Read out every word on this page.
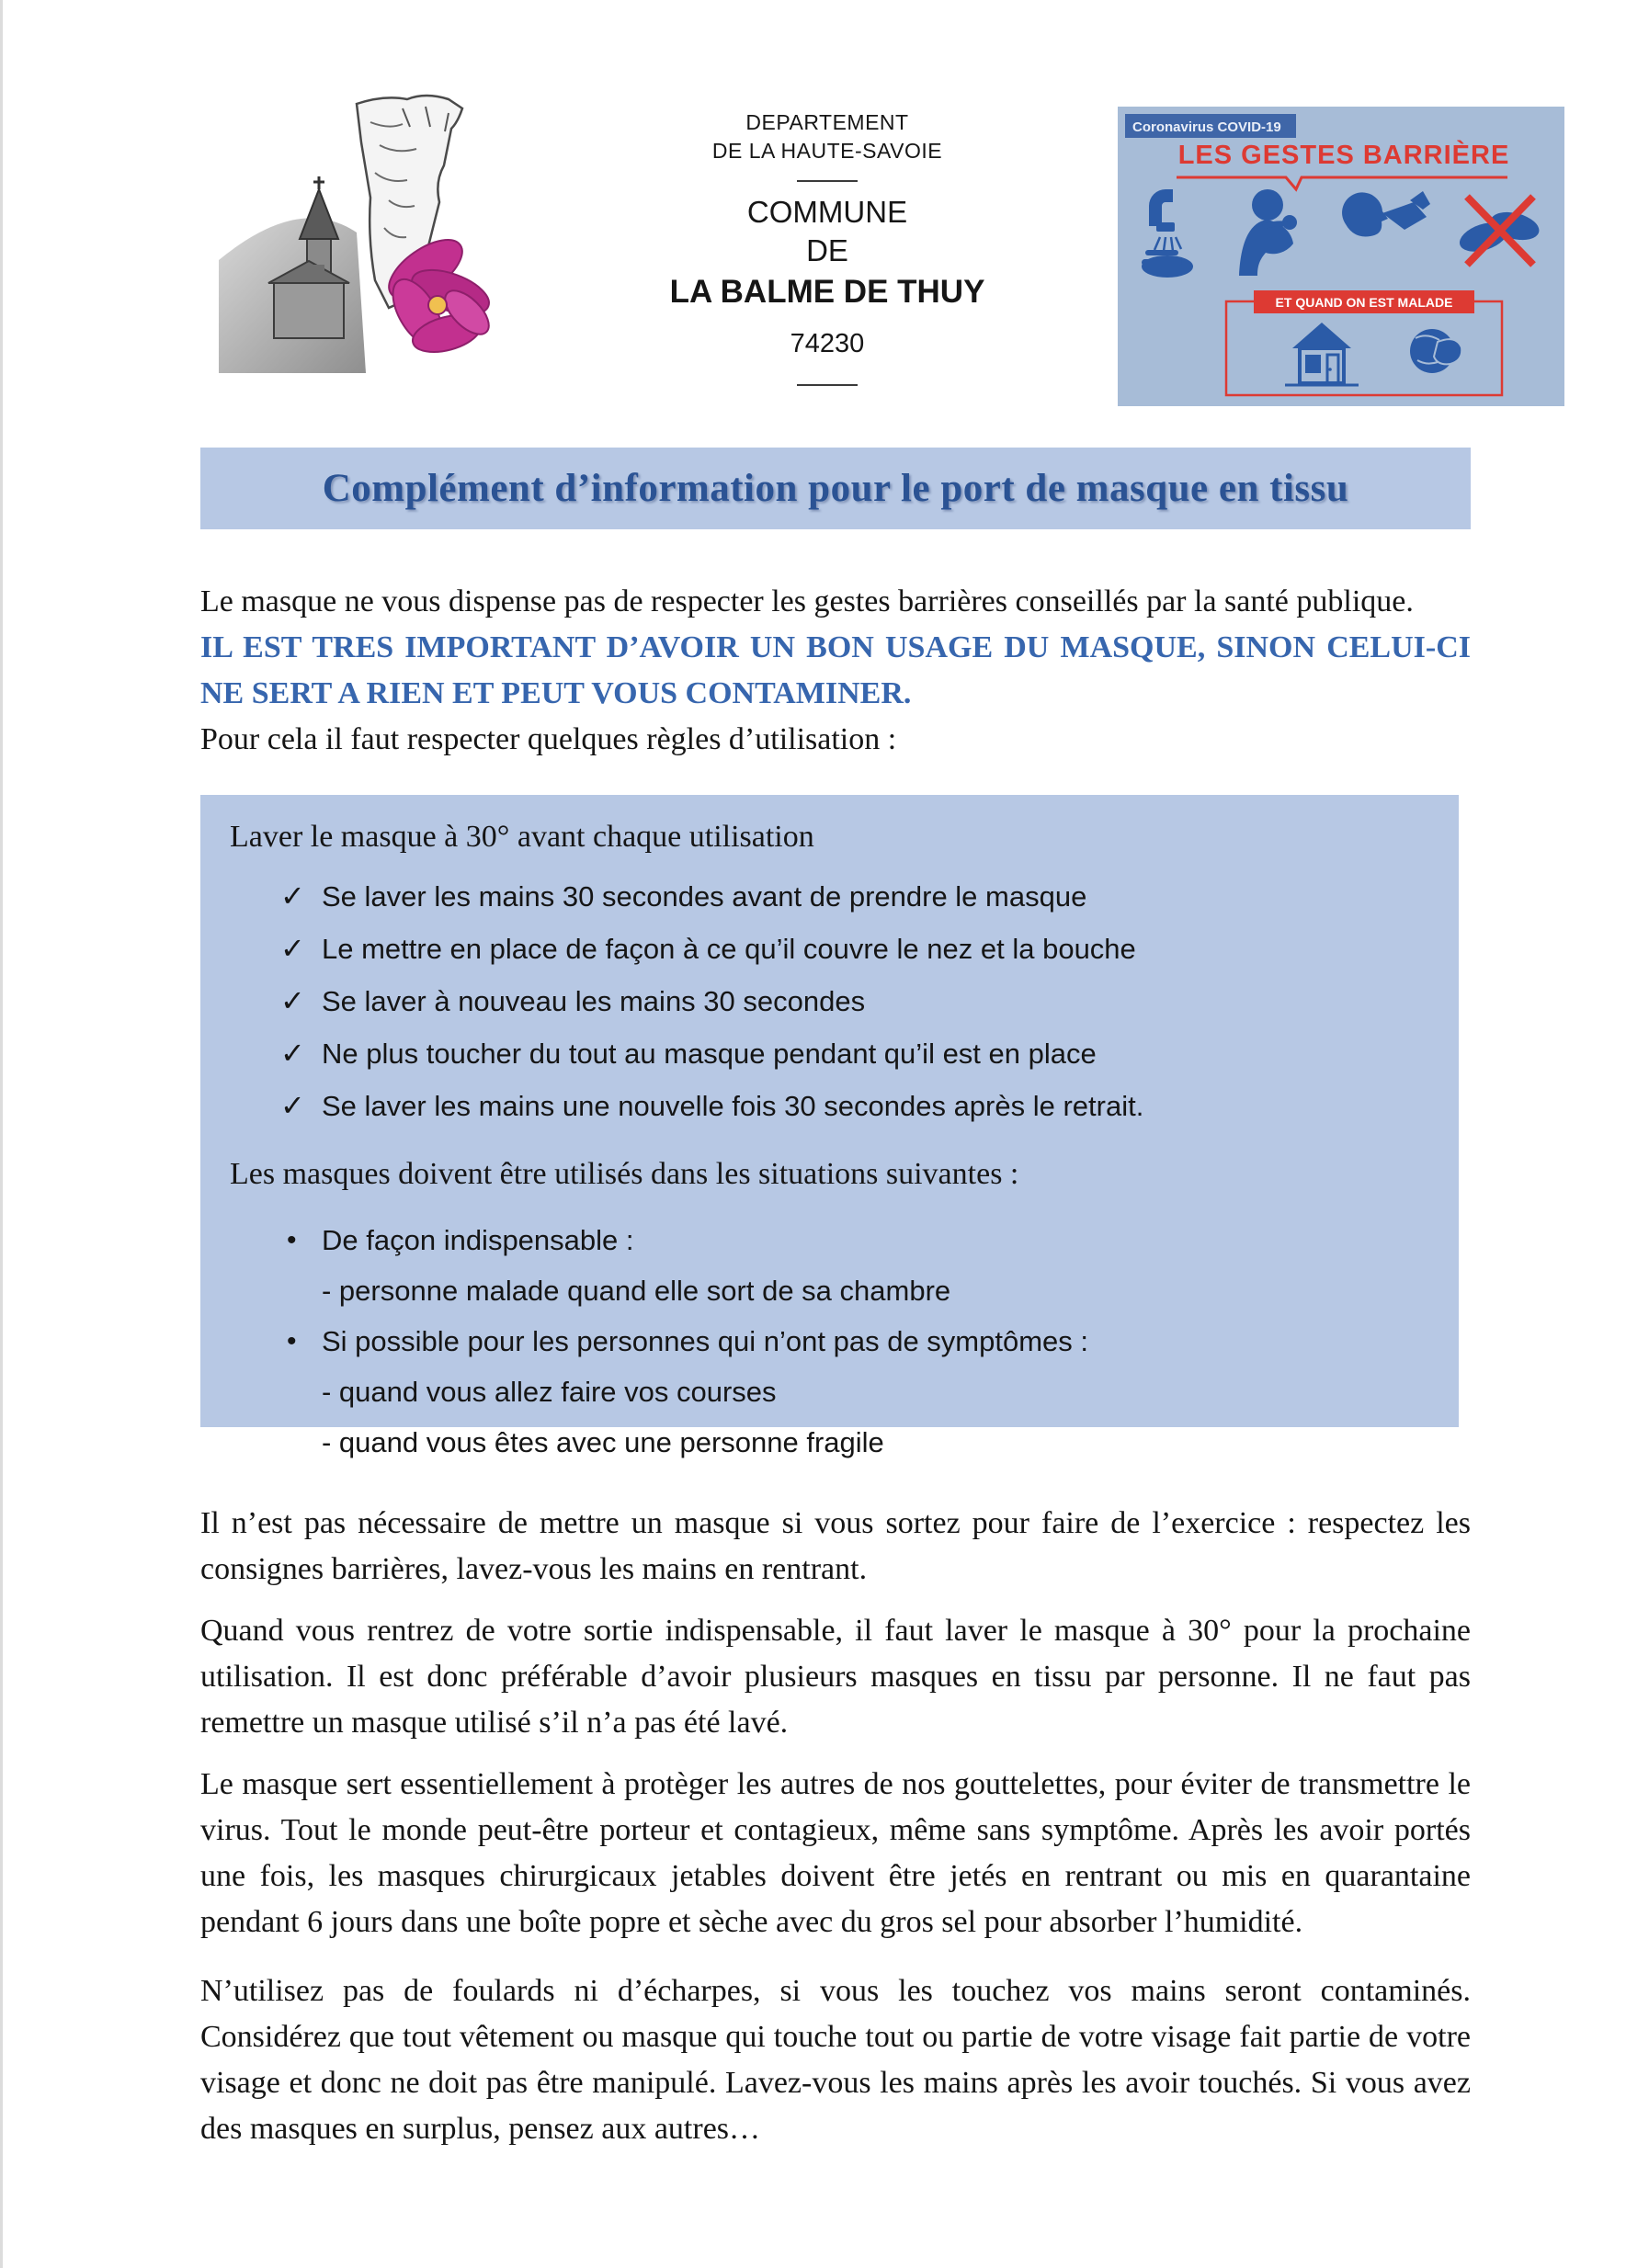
DEPARTEMENT
DE LA HAUTE-SAVOIE
COMMUNE
DE
LA BALME DE THUY
74230
Coronavirus COVID-19
LES GESTES BARRIÈRE
ET QUAND ON EST MALADE
Complément d’information pour le port de masque en tissu

Le masque ne vous dispense pas de respecter les gestes barrières conseillés par la santé publique.

IL EST TRES IMPORTANT D’AVOIR UN BON USAGE DU MASQUE, SINON CELUI-CI NE SERT A RIEN ET PEUT VOUS CONTAMINER.

Pour cela il faut respecter quelques règles d’utilisation :

Laver le masque à 30° avant chaque utilisation
✓ Se laver les mains 30 secondes avant de prendre le masque
✓ Le mettre en place de façon à ce qu’il couvre le nez et la bouche
✓ Se laver à nouveau les mains 30 secondes
✓ Ne plus toucher du tout au masque pendant qu’il est en place
✓ Se laver les mains une nouvelle fois 30 secondes après le retrait.
Les masques doivent être utilisés dans les situations suivantes :
• De façon indispensable :
- personne malade quand elle sort de sa chambre
• Si possible pour les personnes qui n’ont pas de symptômes :
- quand vous allez faire vos courses
- quand vous êtes avec une personne fragile

Il n’est pas nécessaire de mettre un masque si vous sortez pour faire de l’exercice : respectez les consignes barrières, lavez-vous les mains en rentrant.

Quand vous rentrez de votre sortie indispensable, il faut laver le masque à 30° pour la prochaine utilisation. Il est donc préférable d’avoir plusieurs masques en tissu par personne. Il ne faut pas remettre un masque utilisé s’il n’a pas été lavé.

Le masque sert essentiellement à protèger les autres de nos gouttelettes, pour éviter de transmettre le virus. Tout le monde peut-être porteur et contagieux, même sans symptôme. Après les avoir portés une fois, les masques chirurgicaux jetables doivent être jetés en rentrant ou mis en quarantaine pendant 6 jours dans une boîte popre et sèche avec du gros sel pour absorber l’humidité.

N’utilisez pas de foulards ni d’écharpes, si vous les touchez vos mains seront contaminés. Considérez que tout vêtement ou masque qui touche tout ou partie de votre visage fait partie de votre visage et donc ne doit pas être manipulé. Lavez-vous les mains après les avoir touchés. Si vous avez des masques en surplus, pensez aux autres…
